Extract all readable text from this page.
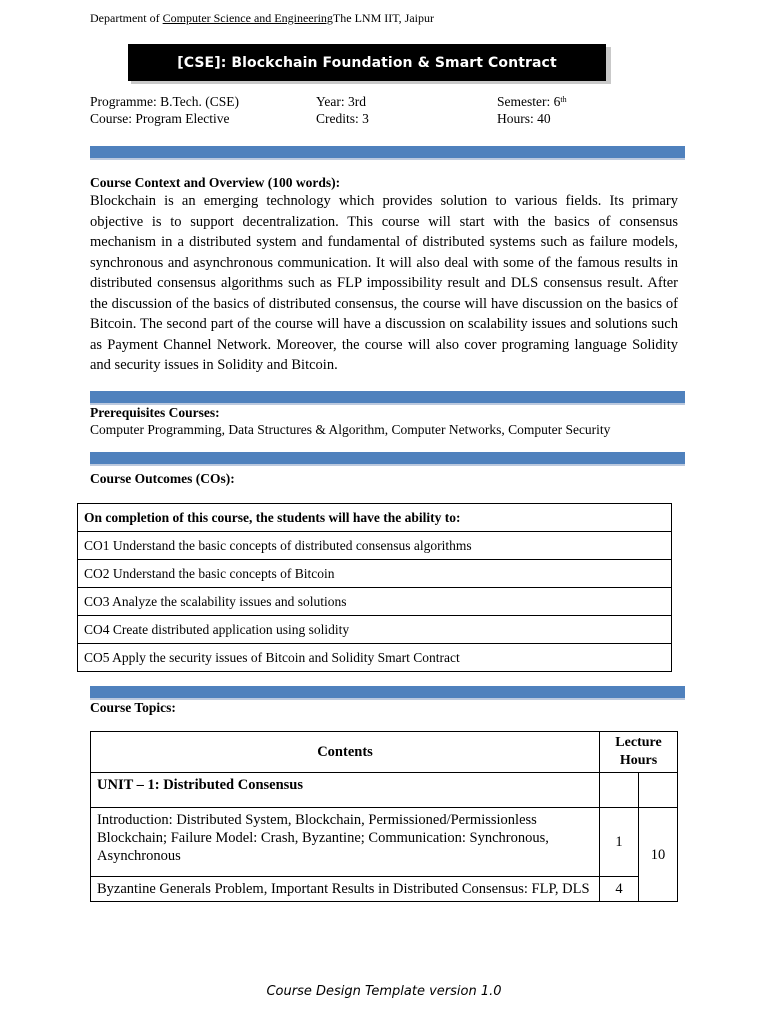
Department of Computer Science and EngineeringThe LNM IIT, Jaipur
[CSE]: Blockchain Foundation & Smart Contract
Programme: B.Tech. (CSE)	Year: 3rd	Semester: 6th
Course: Program Elective	Credits: 3	Hours: 40
Course Context and Overview (100 words):
Blockchain is an emerging technology which provides solution to various fields. Its primary objective is to support decentralization. This course will start with the basics of consensus mechanism in a distributed system and fundamental of distributed systems such as failure models, synchronous and asynchronous communication. It will also deal with some of the famous results in distributed consensus algorithms such as FLP impossibility result and DLS consensus result. After the discussion of the basics of distributed consensus, the course will have discussion on the basics of Bitcoin. The second part of the course will have a discussion on scalability issues and solutions such as Payment Channel Network. Moreover, the course will also cover programing language Solidity and security issues in Solidity and Bitcoin.
Prerequisites Courses:
Computer Programming, Data Structures & Algorithm, Computer Networks, Computer Security
Course Outcomes (COs):
On completion of this course, the students will have the ability to:
CO1 Understand the basic concepts of distributed consensus algorithms
CO2 Understand the basic concepts of Bitcoin
CO3 Analyze the scalability issues and solutions
CO4 Create distributed application using solidity
CO5 Apply the security issues of Bitcoin and Solidity Smart Contract
Course Topics:
Contents	Lecture Hours	
UNIT – 1: Distributed Consensus		
Introduction: Distributed System, Blockchain, Permissioned/Permissionless Blockchain; Failure Model: Crash, Byzantine; Communication: Synchronous, Asynchronous	1	10
Byzantine Generals Problem, Important Results in Distributed Consensus: FLP, DLS	4	
Course Design Template version 1.0
